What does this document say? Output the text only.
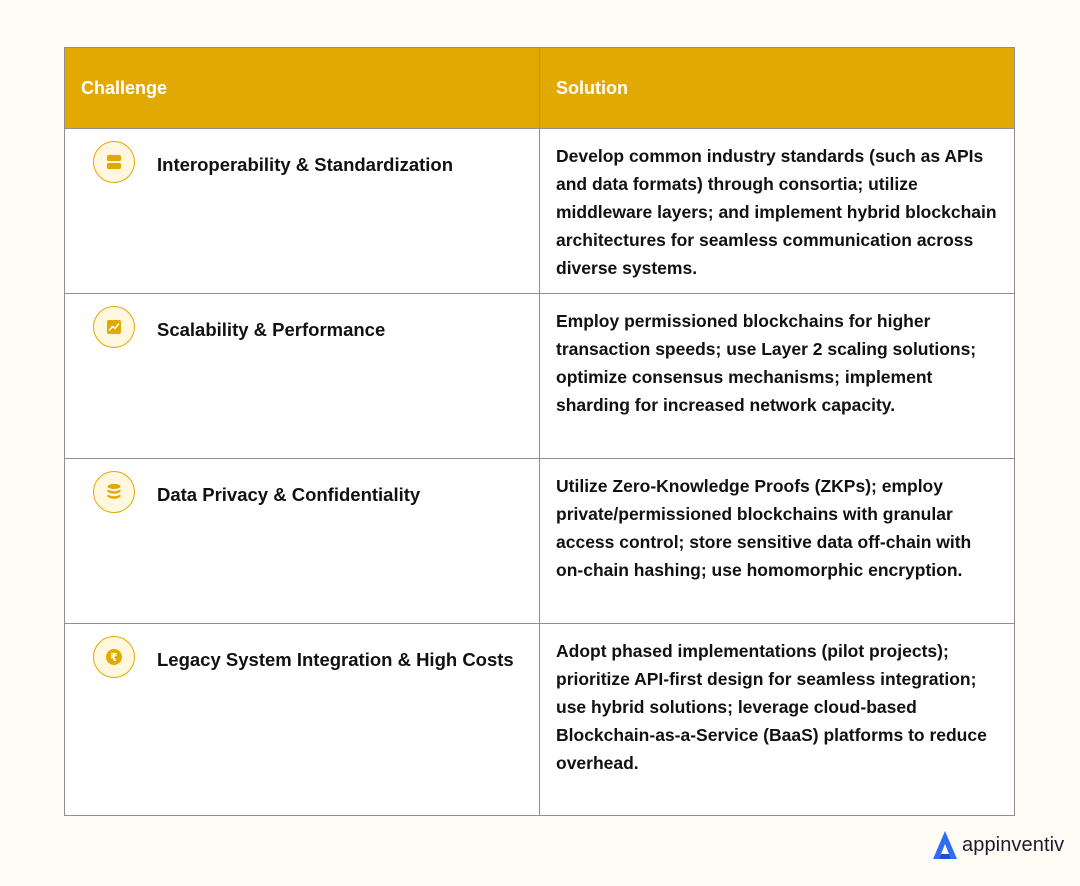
Challenge	Solution
Interoperability & Standardization	Develop common industry standards (such as APIs and data formats) through consortia; utilize middleware layers; and implement hybrid blockchain architectures for seamless communication across diverse systems.
Scalability & Performance	Employ permissioned blockchains for higher transaction speeds; use Layer 2 scaling solutions; optimize consensus mechanisms; implement sharding for increased network capacity.
Data Privacy & Confidentiality	Utilize Zero-Knowledge Proofs (ZKPs); employ private/permissioned blockchains with granular access control; store sensitive data off-chain with on-chain hashing; use homomorphic encryption.
₹ Legacy System Integration & High Costs	Adopt phased implementations (pilot projects); prioritize API-first design for seamless integration; use hybrid solutions; leverage cloud-based Blockchain-as-a-Service (BaaS) platforms to reduce overhead.
appinventiv
